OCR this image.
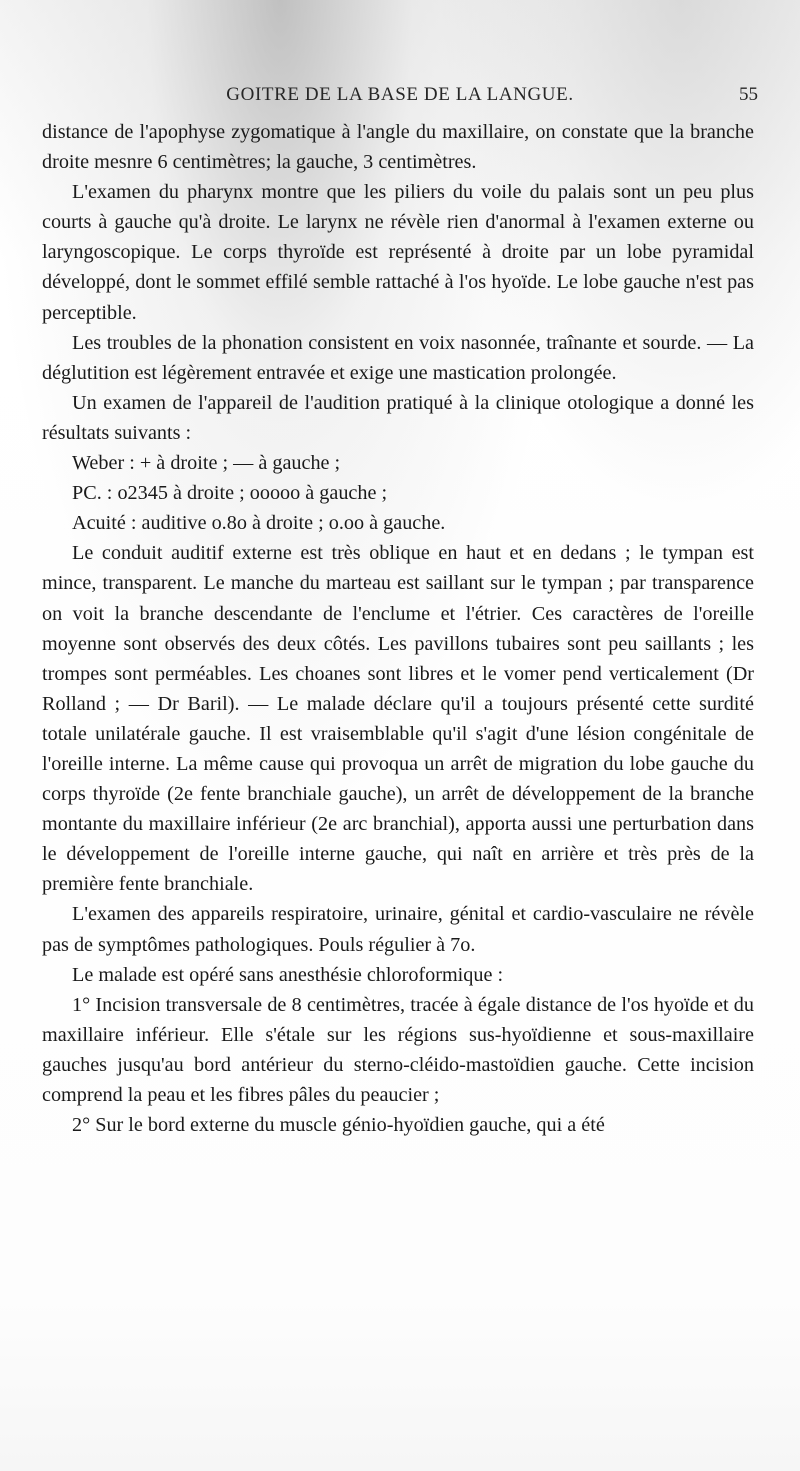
GOITRE DE LA BASE DE LA LANGUE.	55

distance de l'apophyse zygomatique à l'angle du maxillaire, on constate que la branche droite mesnre 6 centimètres; la gauche, 3 centimètres.

L'examen du pharynx montre que les piliers du voile du palais sont un peu plus courts à gauche qu'à droite. Le larynx ne révèle rien d'anormal à l'examen externe ou laryngoscopique. Le corps thyroïde est représenté à droite par un lobe pyramidal développé, dont le sommet effilé semble rattaché à l'os hyoïde. Le lobe gauche n'est pas perceptible.

Les troubles de la phonation consistent en voix nasonnée, traînante et sourde. — La déglutition est légèrement entravée et exige une mastication prolongée.

Un examen de l'appareil de l'audition pratiqué à la clinique otologique a donné les résultats suivants :

Weber : + à droite ; — à gauche ;

PC. : o2345 à droite ; ooooo à gauche ;

Acuité : auditive o.8o à droite ; o.oo à gauche.

Le conduit auditif externe est très oblique en haut et en dedans ; le tympan est mince, transparent. Le manche du marteau est saillant sur le tympan ; par transparence on voit la branche descendante de l'enclume et l'étrier. Ces caractères de l'oreille moyenne sont observés des deux côtés. Les pavillons tubaires sont peu saillants ; les trompes sont perméables. Les choanes sont libres et le vomer pend verticalement (Dr Rolland ; — Dr Baril). — Le malade déclare qu'il a toujours présenté cette surdité totale unilatérale gauche. Il est vraisemblable qu'il s'agit d'une lésion congénitale de l'oreille interne. La même cause qui provoqua un arrêt de migration du lobe gauche du corps thyroïde (2e fente branchiale gauche), un arrêt de développement de la branche montante du maxillaire inférieur (2e arc branchial), apporta aussi une perturbation dans le développement de l'oreille interne gauche, qui naît en arrière et très près de la première fente branchiale.

L'examen des appareils respiratoire, urinaire, génital et cardio-vasculaire ne révèle pas de symptômes pathologiques. Pouls régulier à 7o.

Le malade est opéré sans anesthésie chloroformique :

1° Incision transversale de 8 centimètres, tracée à égale distance de l'os hyoïde et du maxillaire inférieur. Elle s'étale sur les régions sus-hyoïdienne et sous-maxillaire gauches jusqu'au bord antérieur du sterno-cléido-mastoïdien gauche. Cette incision comprend la peau et les fibres pâles du peaucier ;

2° Sur le bord externe du muscle génio-hyoïdien gauche, qui a été
